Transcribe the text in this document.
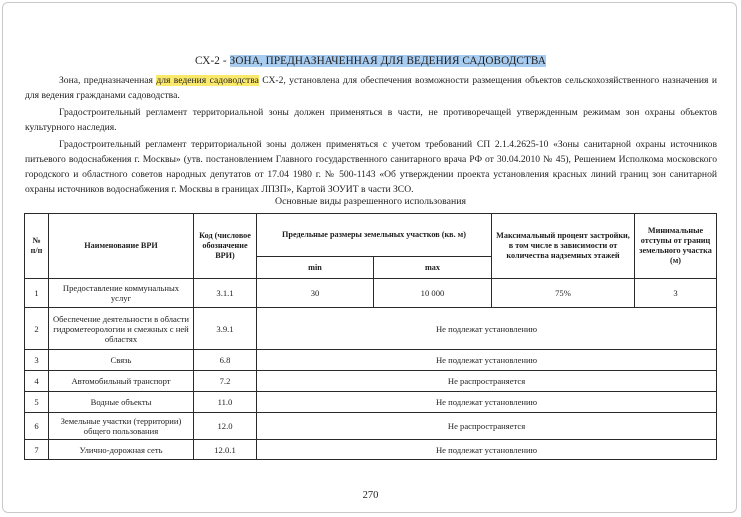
СХ-2 - ЗОНА, ПРЕДНАЗНАЧЕННАЯ ДЛЯ ВЕДЕНИЯ САДОВОДСТВА

Зона, предназначенная для ведения садоводства СХ-2, установлена для обеспечения возможности размещения объектов сельскохозяйственного назначения и для ведения гражданами садоводства.

Градостроительный регламент территориальной зоны должен применяться в части, не противоречащей утвержденным режимам зон охраны объектов культурного наследия.

Градостроительный регламент территориальной зоны должен применяться с учетом требований СП 2.1.4.2625-10 «Зоны санитарной охраны источников питьевого водоснабжения г. Москвы» (утв. постановлением Главного государственного санитарного врача РФ от 30.04.2010 № 45), Решением Исполкома московского городского и областного советов народных депутатов от 17.04 1980 г. № 500-1143 «Об утверждении проекта установления красных линий границ зон санитарной охраны источников водоснабжения г. Москвы в границах ЛПЗП», Картой ЗОУИТ в части ЗСО.

Основные виды разрешенного использования
№ п/п	Наименование ВРИ	Код (числовое обозначение ВРИ)	Предельные размеры земельных участков (кв. м)		Максимальный процент застройки, в том числе в зависимости от количества надземных этажей	Минимальные отступы от границ земельного участка (м)
			min	max		
1	Предоставление коммунальных услуг	3.1.1	30	10 000	75%	3
2	Обеспечение деятельности в области гидрометеорологии и смежных с ней областях	3.9.1	Не подлежат установлению			
3	Связь	6.8	Не подлежат установлению			
4	Автомобильный транспорт	7.2	Не распространяется			
5	Водные объекты	11.0	Не подлежат установлению			
6	Земельные участки (территории) общего пользования	12.0	Не распространяется			
7	Улично-дорожная сеть	12.0.1	Не подлежат установлению			
270
